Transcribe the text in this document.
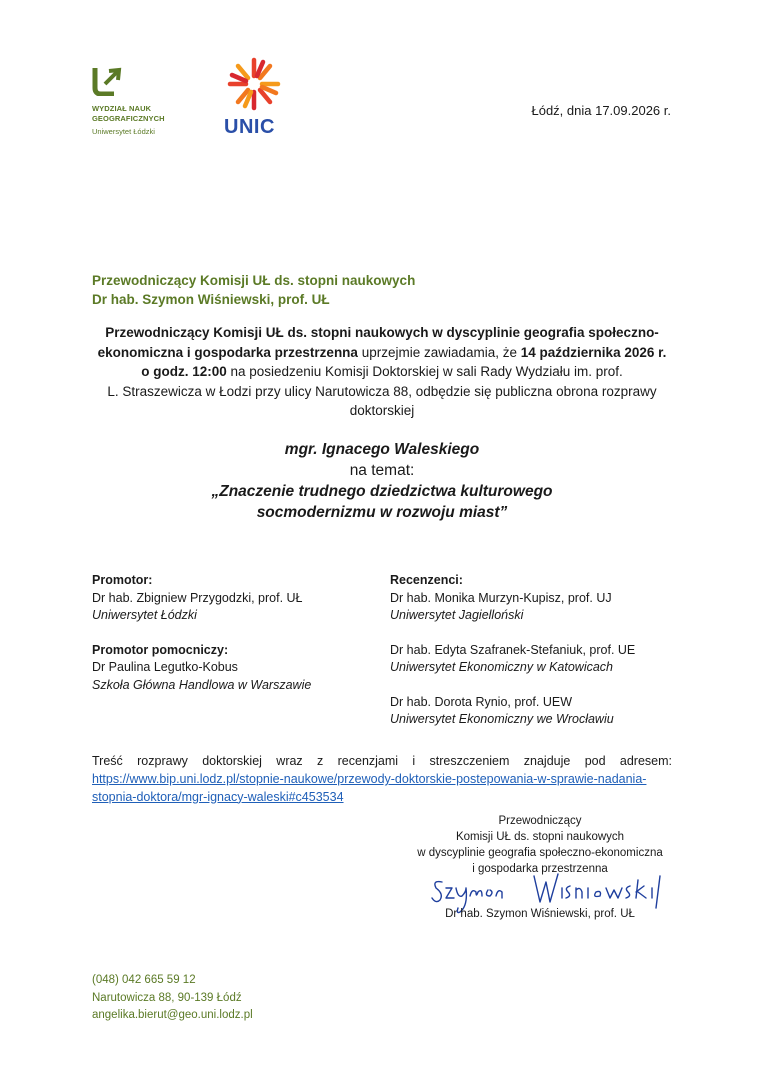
WYDZIAŁ NAUK
GEOGRAFICZNYCH
Uniwersytet Łódzki	UNIC
Łódź, dnia 17.09.2026 r.
Przewodniczący Komisji UŁ ds. stopni naukowych
Dr hab. Szymon Wiśniewski, prof. UŁ
Przewodniczący Komisji UŁ ds. stopni naukowych w dyscyplinie geografia społeczno-ekonomiczna i gospodarka przestrzenna uprzejmie zawiadamia, że 14 października 2026 r.
o godz. 12:00 na posiedzeniu Komisji Doktorskiej w sali Rady Wydziału im. prof.
L. Straszewicza w Łodzi przy ulicy Narutowicza 88, odbędzie się publiczna obrona rozprawy
doktorskiej
mgr. Ignacego Waleskiego
na temat:
„Znaczenie trudnego dziedzictwa kulturowego
socmodernizmu w rozwoju miast”
Promotor:
Dr hab. Zbigniew Przygodzki, prof. UŁ
Uniwersytet Łódzki
Promotor pomocniczy:
Dr Paulina Legutko-Kobus
Szkoła Główna Handlowa w Warszawie
Recenzenci:
Dr hab. Monika Murzyn-Kupisz, prof. UJ
Uniwersytet Jagielloński
Dr hab. Edyta Szafranek-Stefaniuk, prof. UE
Uniwersytet Ekonomiczny w Katowicach
Dr hab. Dorota Rynio, prof. UEW
Uniwersytet Ekonomiczny we Wrocławiu
Treść rozprawy doktorskiej wraz z recenzjami i streszczeniem znajduje pod adresem:
https://www.bip.uni.lodz.pl/stopnie-naukowe/przewody-doktorskie-postepowania-w-sprawie-nadania-
stopnia-doktora/mgr-ignacy-waleski#c453534
Przewodniczący
Komisji UŁ ds. stopni naukowych
w dyscyplinie geografia społeczno-ekonomiczna
i gospodarka przestrzenna
Dr hab. Szymon Wiśniewski, prof. UŁ
(048) 042 665 59 12
Narutowicza 88, 90-139 Łódź
angelika.bierut@geo.uni.lodz.pl
